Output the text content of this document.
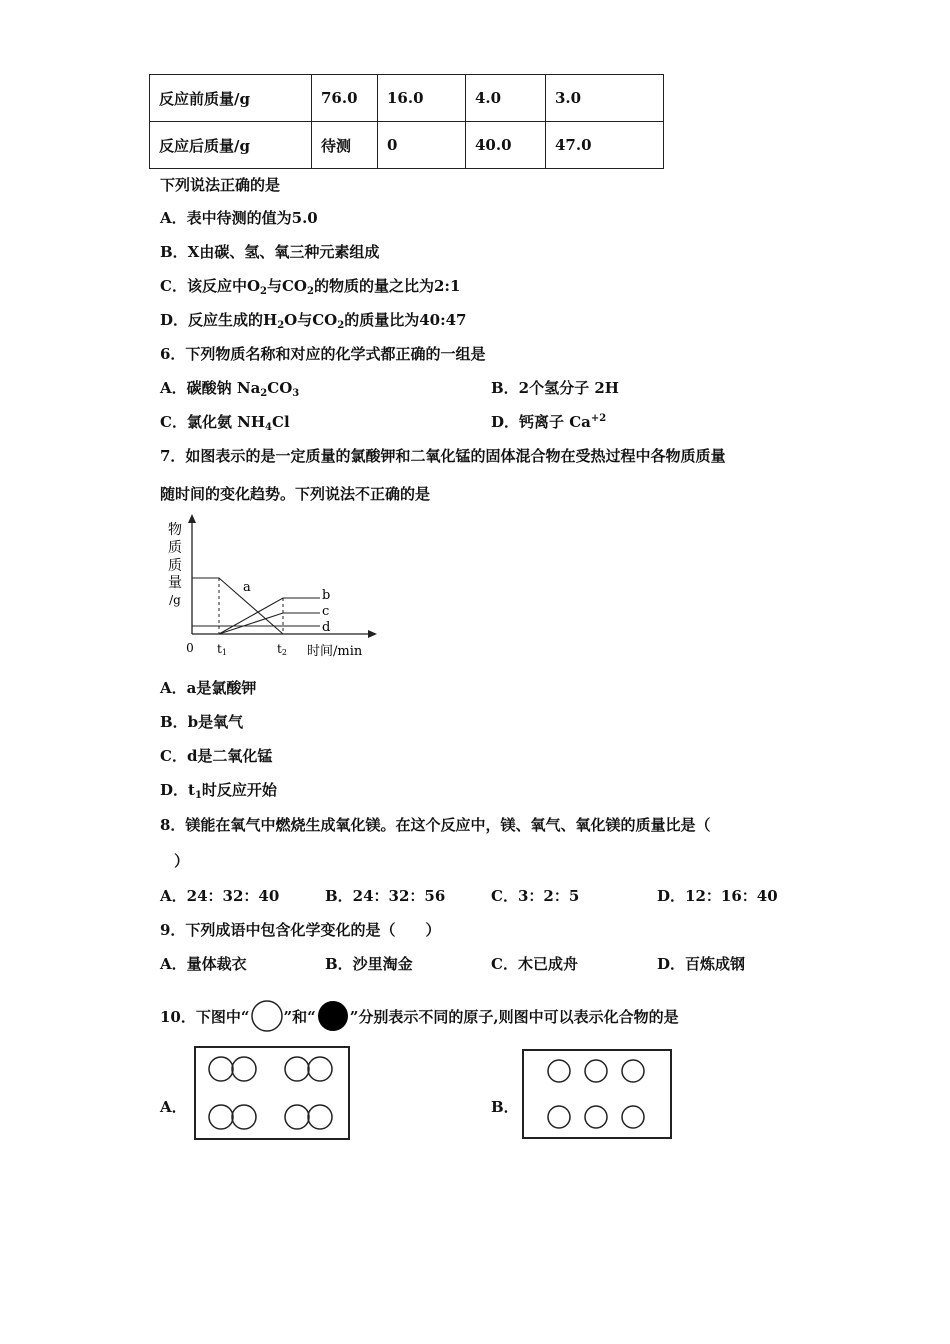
反应前质量/g	76.0	16.0	4.0	3.0
反应后质量/g	待测	0	40.0	47.0
下列说法正确的是
A．表中待测的值为5.0
B．X由碳、氢、氧三种元素组成
C．该反应中$O_2$与$CO_2$的物质的量之比为2:1
D．反应生成的$H_2O$与$CO_2$的质量比为40:47
6．下列物质名称和对应的化学式都正确的一组是
A．碳酸钠 $Na_2CO_3$	B．2个氢分子 2H
C．氯化氨 $NH_4Cl$	D．钙离子 $Ca^{+2}$
7．如图表示的是一定质量的氯酸钾和二氧化锰的固体混合物在受热过程中各物质质量
随时间的变化趋势。下列说法不正确的是
物
质
质
量
/g
a
b
c
d
0 t1	t2 时间/min
A．a是氯酸钾
B．b是氧气
C．d是二氧化锰
D．$t_1$时反应开始
8．镁能在氧气中燃烧生成氧化镁。在这个反应中，镁、氧气、氧化镁的质量比是（
）
A．24：32：40	B．24：32：56	C．3：2：5	D．12：16：40
9．下列成语中包含化学变化的是（　　）
A．量体裁衣	B．沙里淘金	C．木已成舟	D．百炼成钢
10．下图中“ ”和“ ”分别表示不同的原子,则图中可以表示化合物的是
A．	B．
